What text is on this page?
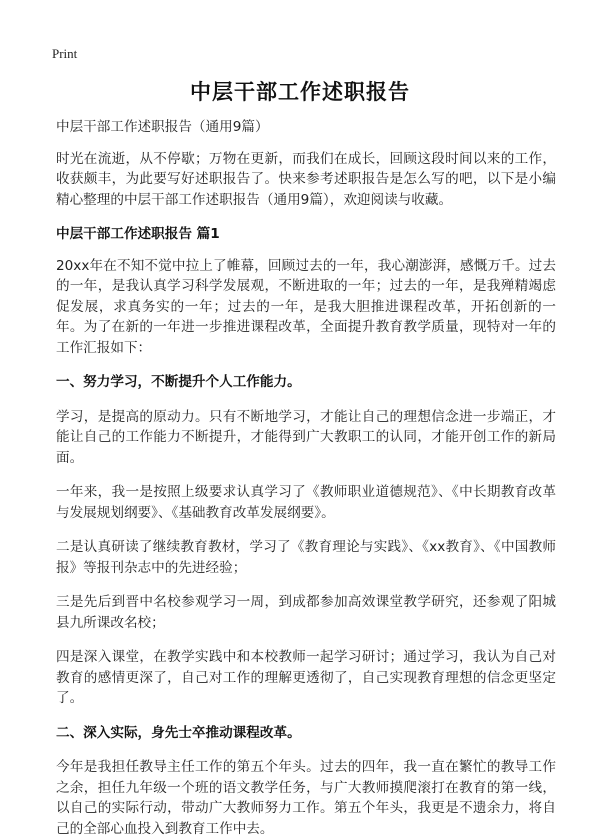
Print
中层干部工作述职报告

中层干部工作述职报告（通用9篇）

时光在流逝，从不停歇；万物在更新，而我们在成长，回顾这段时间以来的工作，收获颇丰，为此要写好述职报告了。快来参考述职报告是怎么写的吧，以下是小编精心整理的中层干部工作述职报告（通用9篇），欢迎阅读与收藏。

中层干部工作述职报告 篇1

20xx年在不知不觉中拉上了帷幕，回顾过去的一年，我心潮澎湃，感慨万千。过去的一年，是我认真学习科学发展观，不断进取的一年；过去的一年，是我殚精竭虑促发展，求真务实的一年；过去的一年，是我大胆推进课程改革，开拓创新的一年。为了在新的一年进一步推进课程改革，全面提升教育教学质量，现特对一年的工作汇报如下：

一、努力学习，不断提升个人工作能力。

学习，是提高的原动力。只有不断地学习，才能让自己的理想信念进一步端正，才能让自己的工作能力不断提升，才能得到广大教职工的认同，才能开创工作的新局面。

一年来，我一是按照上级要求认真学习了《教师职业道德规范》、《中长期教育改革与发展规划纲要》、《基础教育改革发展纲要》。

二是认真研读了继续教育教材，学习了《教育理论与实践》、《xx教育》、《中国教师报》等报刊杂志中的先进经验；

三是先后到晋中名校参观学习一周，到成都参加高效课堂教学研究，还参观了阳城县九所课改名校；

四是深入课堂，在教学实践中和本校教师一起学习研讨；通过学习，我认为自己对教育的感情更深了，自己对工作的理解更透彻了，自己实现教育理想的信念更坚定了。

二、深入实际，身先士卒推动课程改革。

今年是我担任教导主任工作的第五个年头。过去的四年，我一直在繁忙的教导工作之余，担任九年级一个班的语文教学任务，与广大教师摸爬滚打在教育的第一线，以自己的实际行动，带动广大教师努力工作。第五个年头，我更是不遗余力，将自己的全部心血投入到教育工作中去。
